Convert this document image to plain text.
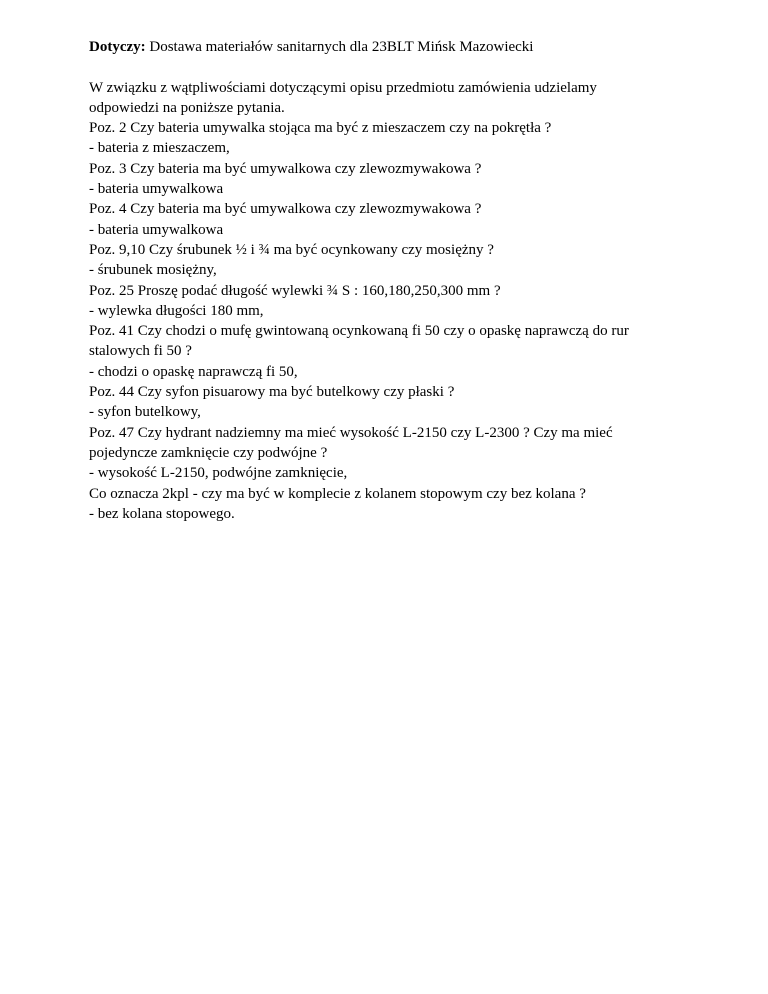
Dotyczy: Dostawa materiałów sanitarnych dla 23BLT Mińsk Mazowiecki

W związku z wątpliwościami dotyczącymi opisu przedmiotu zamówienia udzielamy

odpowiedzi na poniższe pytania.

Poz. 2 Czy bateria umywalka stojąca ma być z mieszaczem czy na pokrętła ?

- bateria z mieszaczem,

Poz. 3 Czy bateria ma być umywalkowa czy zlewozmywakowa ?

- bateria umywalkowa

Poz. 4 Czy bateria ma być umywalkowa czy zlewozmywakowa ?

- bateria umywalkowa

Poz. 9,10 Czy śrubunek ½ i ¾ ma być ocynkowany czy mosiężny ?

- śrubunek mosiężny,

Poz. 25 Proszę podać długość wylewki ¾ S : 160,180,250,300 mm ?

- wylewka długości 180 mm,

Poz. 41 Czy chodzi o mufę gwintowaną ocynkowaną fi 50 czy o opaskę naprawczą do rur

stalowych fi 50 ?

- chodzi o opaskę naprawczą fi 50,

Poz. 44 Czy syfon pisuarowy ma być butelkowy czy płaski ?

- syfon butelkowy,

Poz. 47 Czy hydrant nadziemny ma mieć wysokość L-2150 czy L-2300 ? Czy ma mieć

pojedyncze zamknięcie czy podwójne ?

- wysokość L-2150, podwójne zamknięcie,

Co oznacza 2kpl - czy ma być w komplecie z kolanem stopowym czy bez kolana ?

- bez kolana stopowego.
